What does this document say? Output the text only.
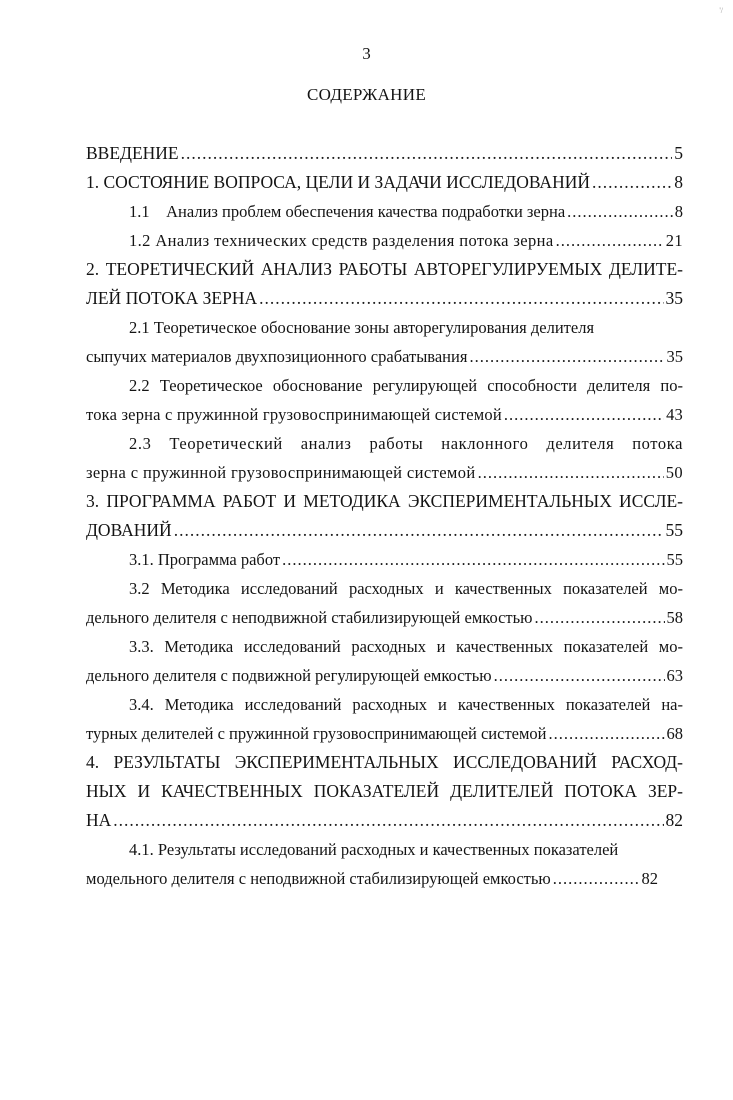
'/
3
СОДЕРЖАНИЕ
ВВЕДЕНИЕ .....	5
1. СОСТОЯНИЕ ВОПРОСА, ЦЕЛИ И ЗАДАЧИ ИССЛЕДОВАНИЙ .....	8
1.1    Анализ проблем обеспечения качества подработки зерна .....	8
1.2 Анализ технических средств разделения потока зерна .....	21
2. ТЕОРЕТИЧЕСКИЙ АНАЛИЗ РАБОТЫ АВТОРЕГУЛИРУЕМЫХ ДЕЛИТЕ-
ЛЕЙ ПОТОКА ЗЕРНА .....	35
2.1 Теоретическое обоснование зоны авторегулирования делителя
сыпучих материалов двухпозиционного срабатывания .....	35
2.2 Теоретическое обоснование регулирующей способности делителя по-
тока зерна с пружинной грузовоспринимающей системой .....	43
2.3 Теоретический анализ работы наклонного делителя потока
зерна с пружинной грузовоспринимающей системой .....	50
3. ПРОГРАММА РАБОТ И МЕТОДИКА ЭКСПЕРИМЕНТАЛЬНЫХ ИССЛЕ-
ДОВАНИЙ .....	55
3.1. Программа работ .....	55
3.2 Методика исследований расходных и качественных показателей мо-
дельного делителя с неподвижной стабилизирующей емкостью .....	58
3.3. Методика исследований расходных и качественных показателей мо-
дельного делителя с подвижной регулирующей емкостью .....	63
3.4. Методика исследований расходных и качественных показателей на-
турных делителей с пружинной грузовоспринимающей системой .....	68
4. РЕЗУЛЬТАТЫ ЭКСПЕРИМЕНТАЛЬНЫХ ИССЛЕДОВАНИЙ РАСХОД-
НЫХ И КАЧЕСТВЕННЫХ ПОКАЗАТЕЛЕЙ ДЕЛИТЕЛЕЙ ПОТОКА ЗЕР-
НА .....	82
4.1. Результаты исследований расходных и качественных показателей
модельного делителя с неподвижной стабилизирующей емкостью .....	82
